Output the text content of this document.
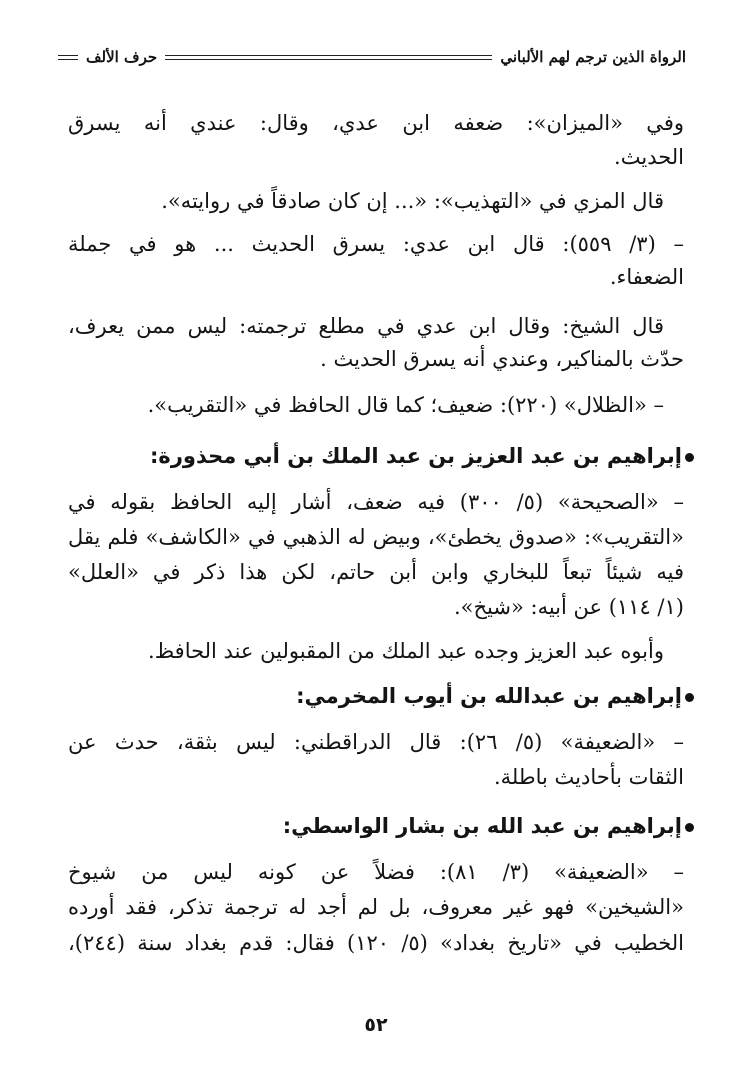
الرواة الذين ترجم لهم الألباني
حرف الألف
وفي «الميزان»: ضعفه ابن عدي، وقال: عندي أنه يسرق
الحديث.
قال المزي في «التهذيب»: «... إن كان صادقاً في روايته».
– (٣/ ٥٥٩): قال ابن عدي: يسرق الحديث ... هو في جملة
الضعفاء.
قال الشيخ: وقال ابن عدي في مطلع ترجمته: ليس ممن يعرف،
حدّث بالمناكير، وعندي أنه يسرق الحديث .
– «الظلال» (٢٢٠): ضعيف؛ كما قال الحافظ في «التقريب».
إبراهيم بن عبد العزيز بن عبد الملك بن أبي محذورة:
– «الصحيحة» (٥/ ٣٠٠) فيه ضعف، أشار إليه الحافظ بقوله في
«التقريب»: «صدوق يخطئ»، وبيض له الذهبي في «الكاشف» فلم يقل
فيه شيئاً تبعاً للبخاري وابن أبن حاتم، لكن هذا ذكر في «العلل»
(١/ ١١٤) عن أبيه: «شيخ».
وأبوه عبد العزيز وجده عبد الملك من المقبولين عند الحافظ.
إبراهيم بن عبدالله بن أيوب المخرمي:
– «الضعيفة» (٥/ ٢٦): قال الدراقطني: ليس بثقة، حدث عن
الثقات بأحاديث باطلة.
إبراهيم بن عبد الله بن بشار الواسطي:
– «الضعيفة» (٣/ ٨١): فضلاً عن كونه ليس من شيوخ
«الشيخين» فهو غير معروف، بل لم أجد له ترجمة تذكر، فقد أورده
الخطيب في «تاريخ بغداد» (٥/ ١٢٠) فقال: قدم بغداد سنة (٢٤٤)،
٥٢
